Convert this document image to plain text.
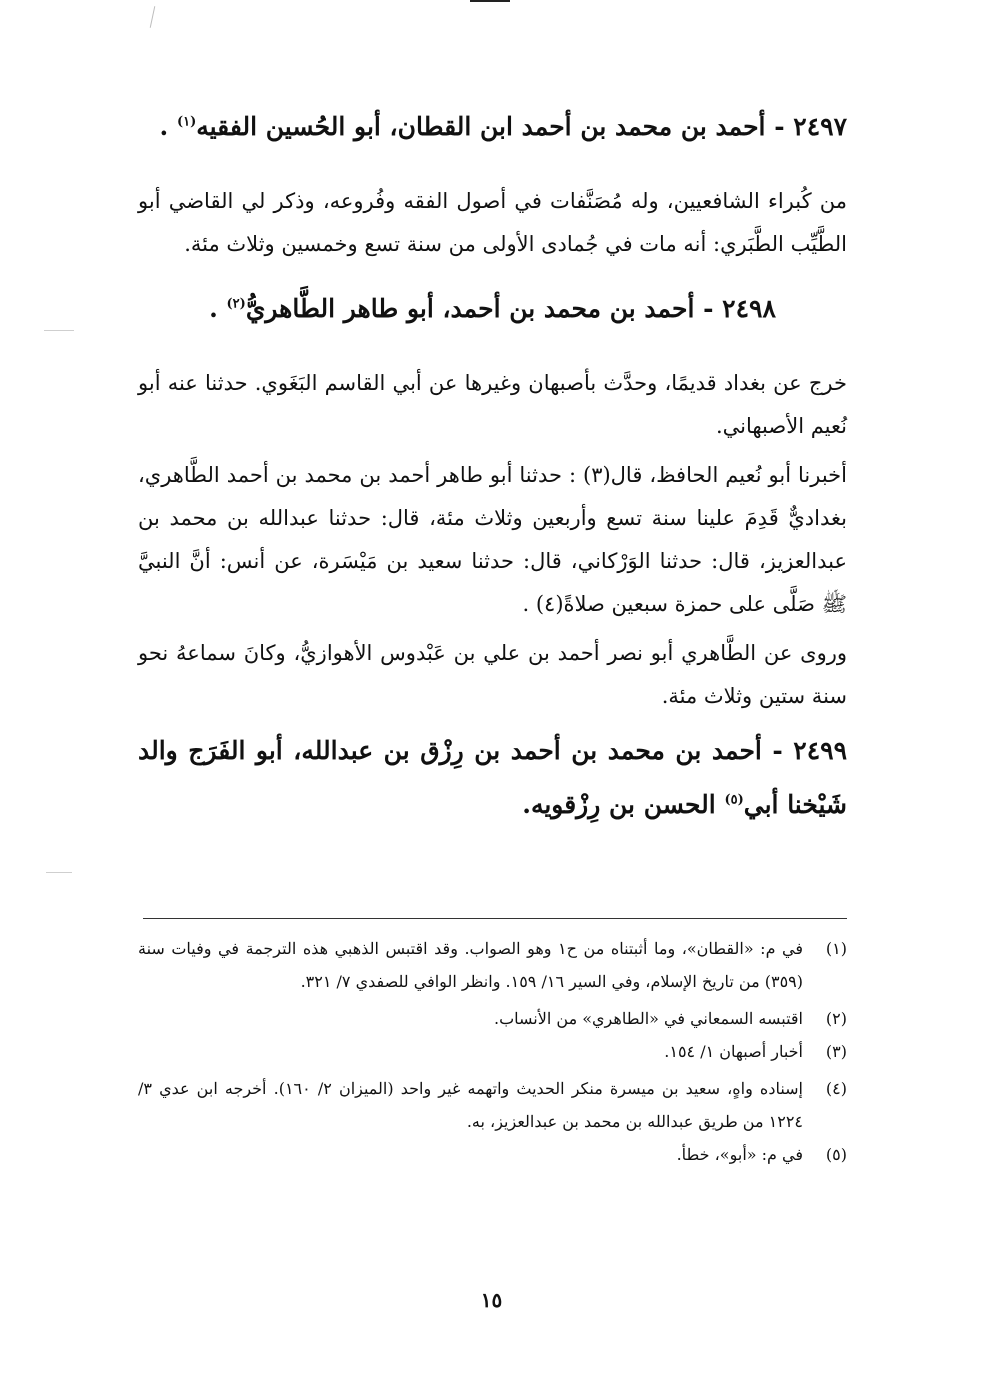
٢٤٩٧ - أحمد بن محمد بن أحمد ابن القطان، أبو الحُسين الفقيه$^{(١)}$ .

من كُبراء الشافعيين، وله مُصَنَّفات في أصول الفقه وفُروعه، وذكر لي القاضي أبو الطَّيِّب الطَّبَري: أنه مات في جُمادى الأولى من سنة تسع وخمسين وثلاث مئة.

٢٤٩٨ - أحمد بن محمد بن أحمد، أبو طاهر الطَّاهريُّ$^{(٢)}$ .

خرج عن بغداد قديمًا، وحدَّث بأصبهان وغيرها عن أبي القاسم البَغَوي. حدثنا عنه أبو نُعيم الأصبهاني.

أخبرنا أبو نُعيم الحافظ، قال(٣) : حدثنا أبو طاهر أحمد بن محمد بن أحمد الطَّاهري، بغداديٌّ قَدِمَ علينا سنة تسع وأربعين وثلاث مئة، قال: حدثنا عبدالله بن محمد بن عبدالعزيز، قال: حدثنا الوَرْكاني، قال: حدثنا سعيد بن مَيْسَرة، عن أنس: أنَّ النبيَّ ﷺ صَلَّى على حمزة سبعين صلاةً(٤) .

وروى عن الطَّاهري أبو نصر أحمد بن علي بن عَبْدوس الأهوازيُّ، وكانَ سماعهُ نحو سنة ستين وثلاث مئة.

٢٤٩٩ - أحمد بن محمد بن أحمد بن رِزْق بن عبدالله، أبو الفَرَج والد شَيْخنا أبي$^{(٥)}$ الحسن بن رِزْقويه.

(١)
في م: «القطان»، وما أثبتناه من ح١ وهو الصواب. وقد اقتبس الذهبي هذه الترجمة في وفيات سنة (٣٥٩) من تاريخ الإسلام، وفي السير ١٦/ ١٥٩. وانظر الوافي للصفدي ٧/ ٣٢١.
(٢)
اقتبسه السمعاني في «الطاهري» من الأنساب.
(٣)
أخبار أصبهان ١/ ١٥٤.
(٤)
إسناده واهٍ، سعيد بن ميسرة منكر الحديث واتهمه غير واحد (الميزان ٢/ ١٦٠). أخرجه ابن عدي ٣/ ١٢٢٤ من طريق عبدالله بن محمد بن عبدالعزيز، به.
(٥)
في م: «أبو»، خطأ.
١٥
